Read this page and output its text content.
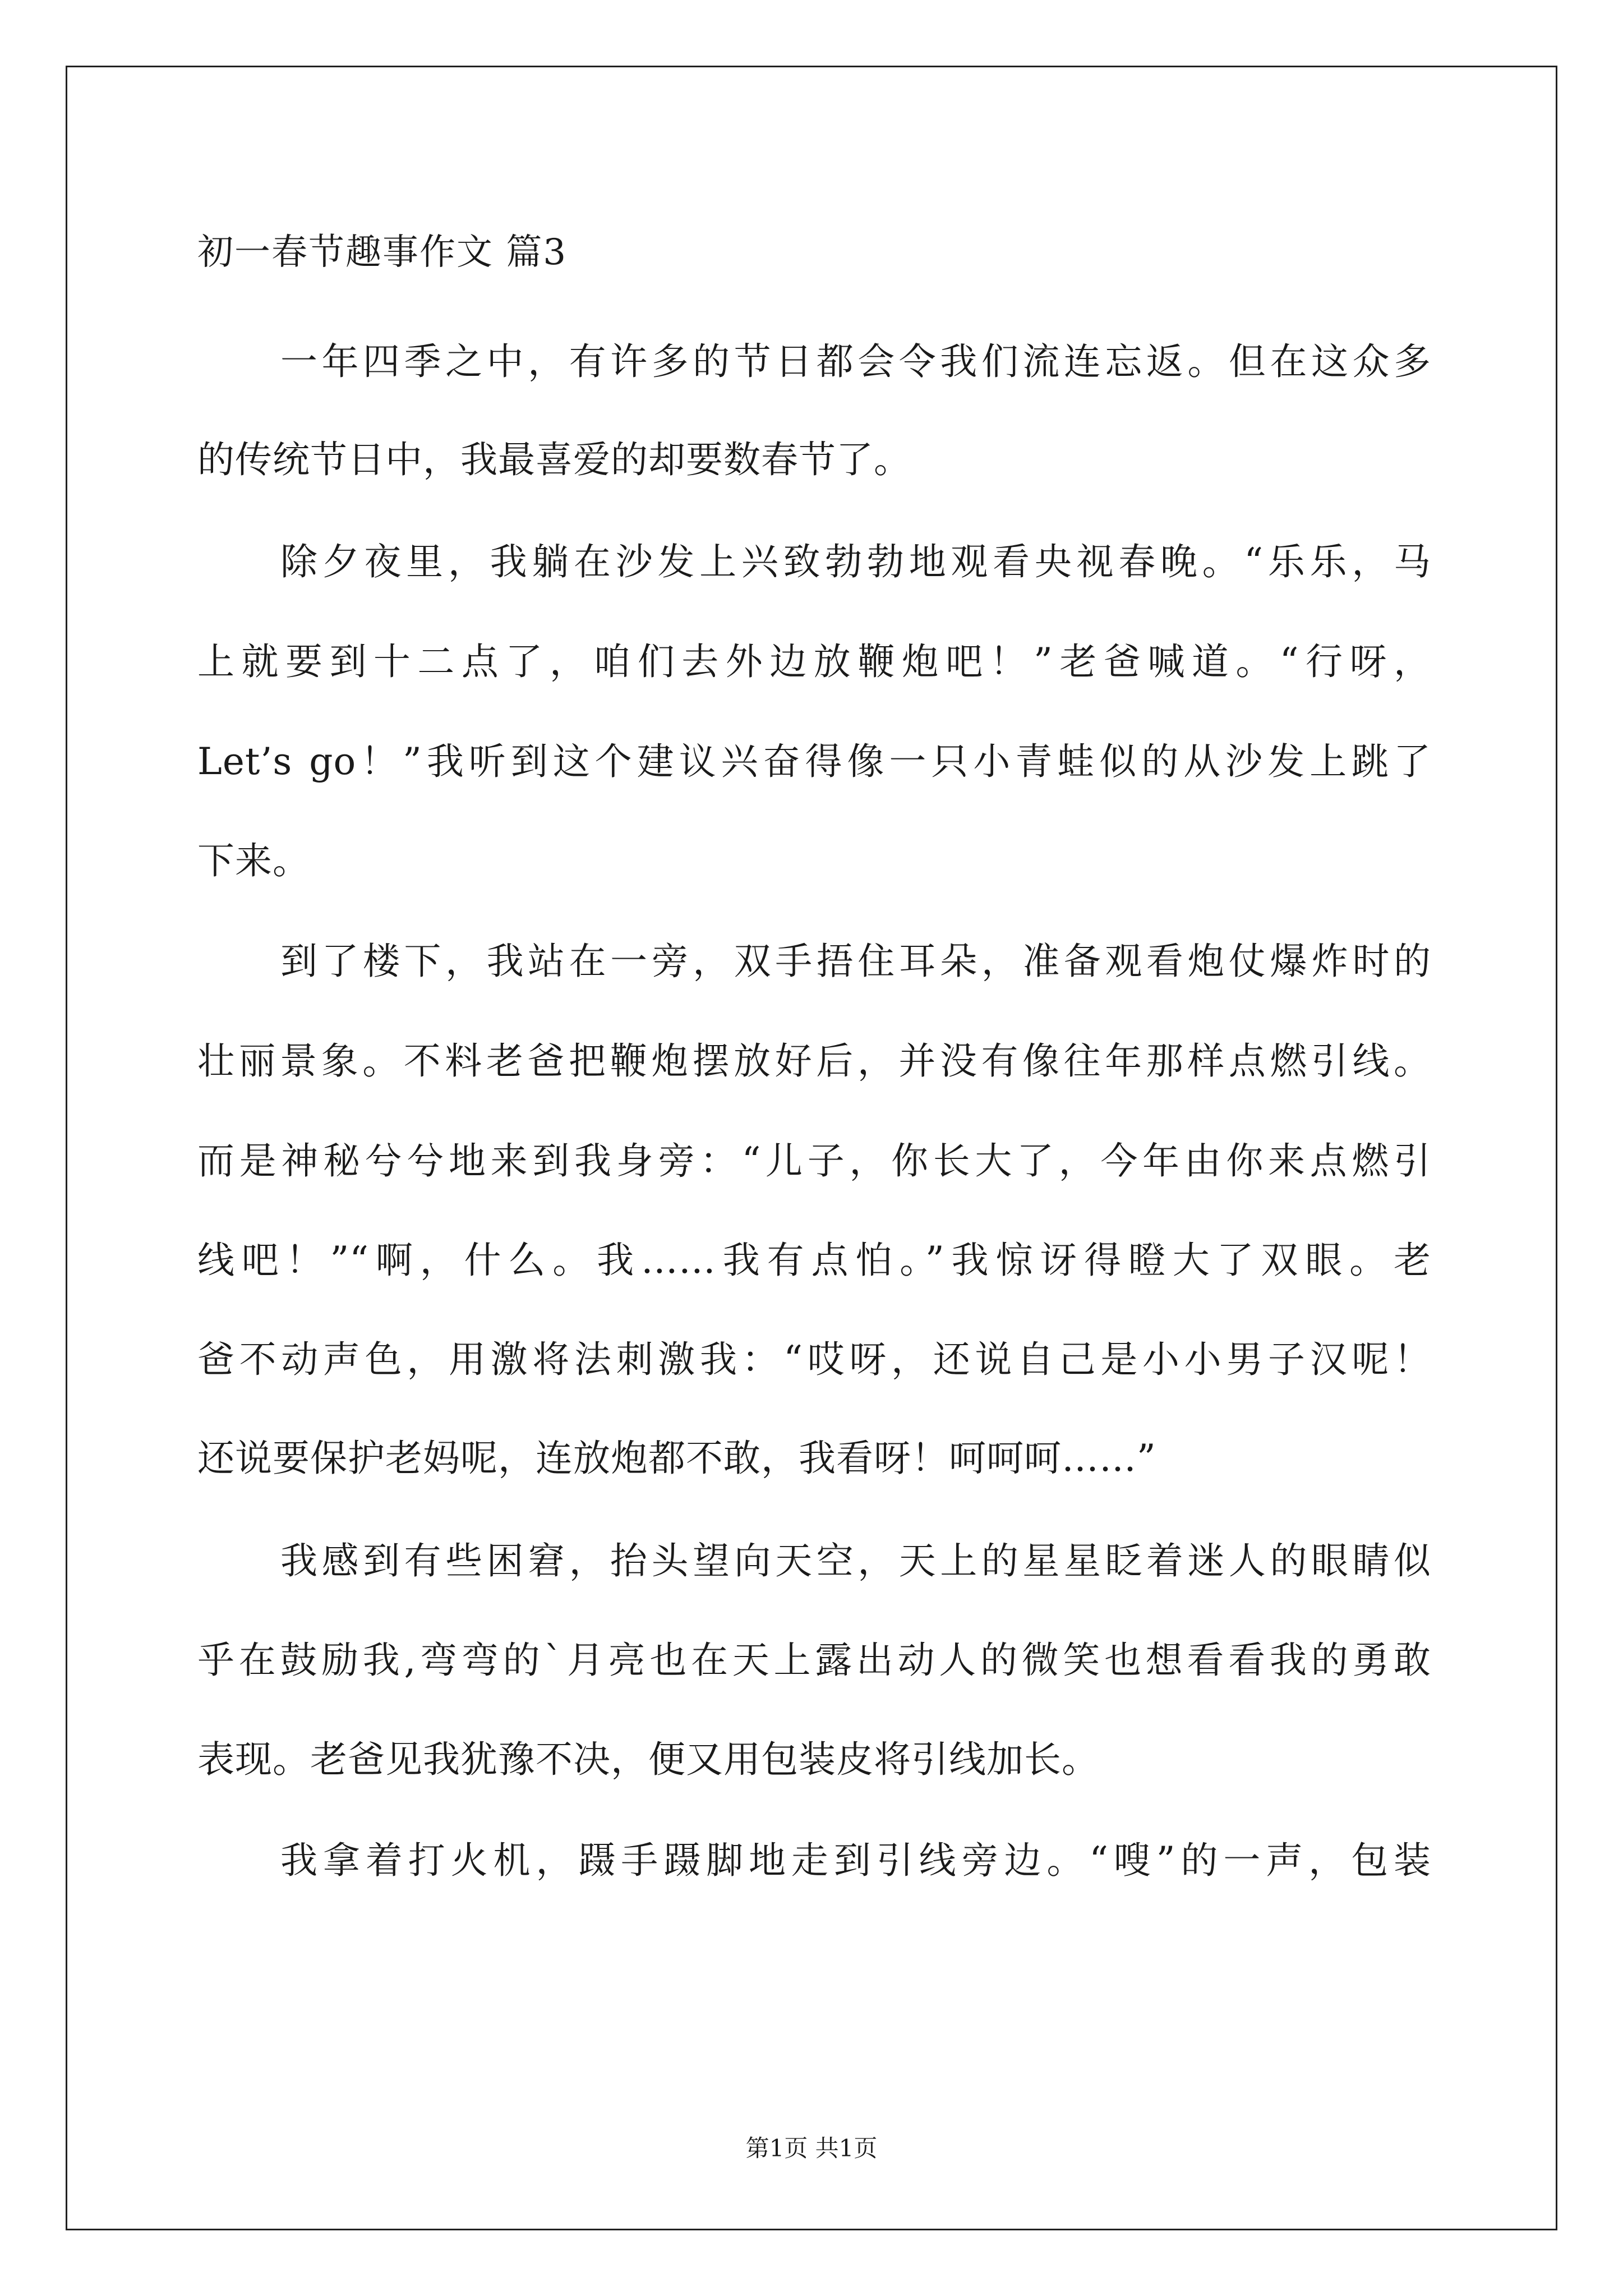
初一春节趣事作文 篇3
一年四季之中，有许多的节日都会令我们流连忘返。但在这众多
的传统节日中，我最喜爱的却要数春节了。
除夕夜里，我躺在沙发上兴致勃勃地观看央视春晚。“乐乐，马
上就要到十二点了，咱们去外边放鞭炮吧！”老爸喊道。“行呀，
Let’s go！”我听到这个建议兴奋得像一只小青蛙似的从沙发上跳了
下来。
到了楼下，我站在一旁，双手捂住耳朵，准备观看炮仗爆炸时的
壮丽景象。不料老爸把鞭炮摆放好后，并没有像往年那样点燃引线。
而是神秘兮兮地来到我身旁：“儿子，你长大了，今年由你来点燃引
线吧！”“啊，什么。我……我有点怕。”我惊讶得瞪大了双眼。老
爸不动声色，用激将法刺激我：“哎呀，还说自己是小小男子汉呢！
还说要保护老妈呢，连放炮都不敢，我看呀！呵呵呵……”
我感到有些困窘，抬头望向天空，天上的星星眨着迷人的眼睛似
乎在鼓励我,弯弯的`月亮也在天上露出动人的微笑也想看看我的勇敢
表现。老爸见我犹豫不决，便又用包装皮将引线加长。
我拿着打火机，蹑手蹑脚地走到引线旁边。“嗖”的一声，包装
第1页 共1页
